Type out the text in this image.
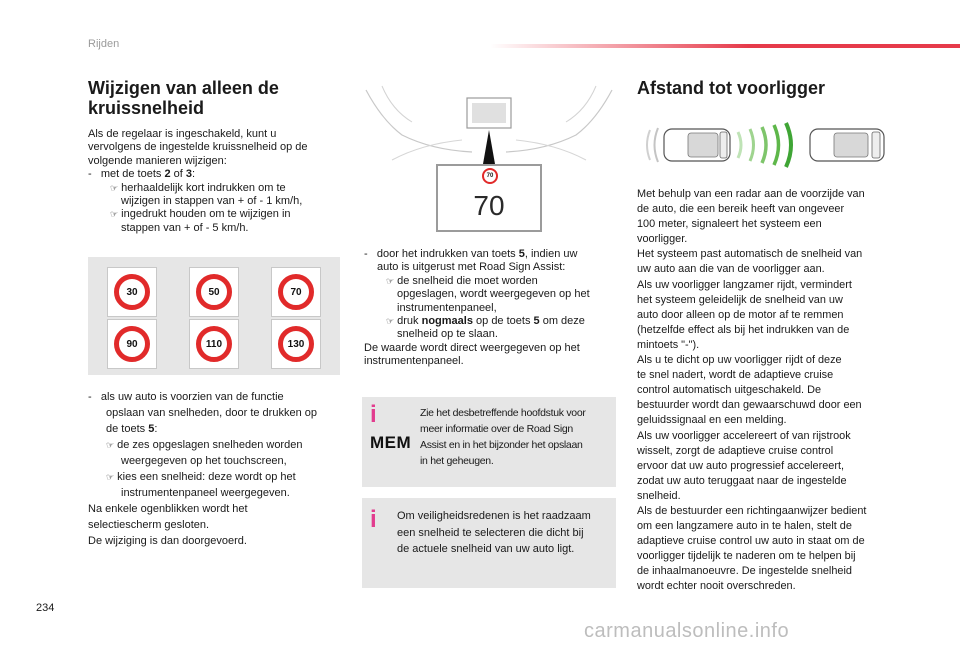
Rijden
Wijzigen van alleen de
kruissnelheid

Als de regelaar is ingeschakeld, kunt u

vervolgens de ingestelde kruissnelheid op de

volgende manieren wijzigen:

- met de toets 2 of 3:

☞ herhaaldelijk kort indrukken om te

wijzigen in stappen van + of - 1 km/h,

☞ ingedrukt houden om te wijzigen in

stappen van + of - 5 km/h.

30	50	70
90	110	130

- als uw auto is voorzien van de functie

opslaan van snelheden, door te drukken op

de toets 5:

☞ de zes opgeslagen snelheden worden

weergegeven op het touchscreen,

☞ kies een snelheid: deze wordt op het

instrumentenpaneel weergegeven.

Na enkele ogenblikken wordt het

selectiescherm gesloten.

De wijziging is dan doorgevoerd.

70
70

- door het indrukken van toets 5, indien uw

auto is uitgerust met Road Sign Assist:

☞ de snelheid die moet worden

opgeslagen, wordt weergegeven op het

instrumentenpaneel,

☞ druk nogmaals op de toets 5 om deze

snelheid op te slaan.

De waarde wordt direct weergegeven op het

instrumentenpaneel.

i
MEM
Zie het desbetreffende hoofdstuk voor
meer informatie over de Road Sign
Assist en in het bijzonder het opslaan
in het geheugen.
i Om veiligheidsredenen is het raadzaam
een snelheid te selecteren die dicht bij
de actuele snelheid van uw auto ligt.
Afstand tot voorligger

Met behulp van een radar aan de voorzijde van

de auto, die een bereik heeft van ongeveer

100 meter, signaleert het systeem een

voorligger.

Het systeem past automatisch de snelheid van

uw auto aan die van de voorligger aan.

Als uw voorligger langzamer rijdt, vermindert

het systeem geleidelijk de snelheid van uw

auto door alleen op de motor af te remmen

(hetzelfde effect als bij het indrukken van de

mintoets "-").

Als u te dicht op uw voorligger rijdt of deze

te snel nadert, wordt de adaptieve cruise

control automatisch uitgeschakeld. De

bestuurder wordt dan gewaarschuwd door een

geluidssignaal en een melding.

Als uw voorligger accelereert of van rijstrook

wisselt, zorgt de adaptieve cruise control

ervoor dat uw auto progressief accelereert,

zodat uw auto teruggaat naar de ingestelde

snelheid.

Als de bestuurder een richtingaanwijzer bedient

om een langzamere auto in te halen, stelt de

adaptieve cruise control uw auto in staat om de

voorligger tijdelijk te naderen om te helpen bij

de inhaalmanoeuvre. De ingestelde snelheid

wordt echter nooit overschreden.

234
carmanualsonline.info
